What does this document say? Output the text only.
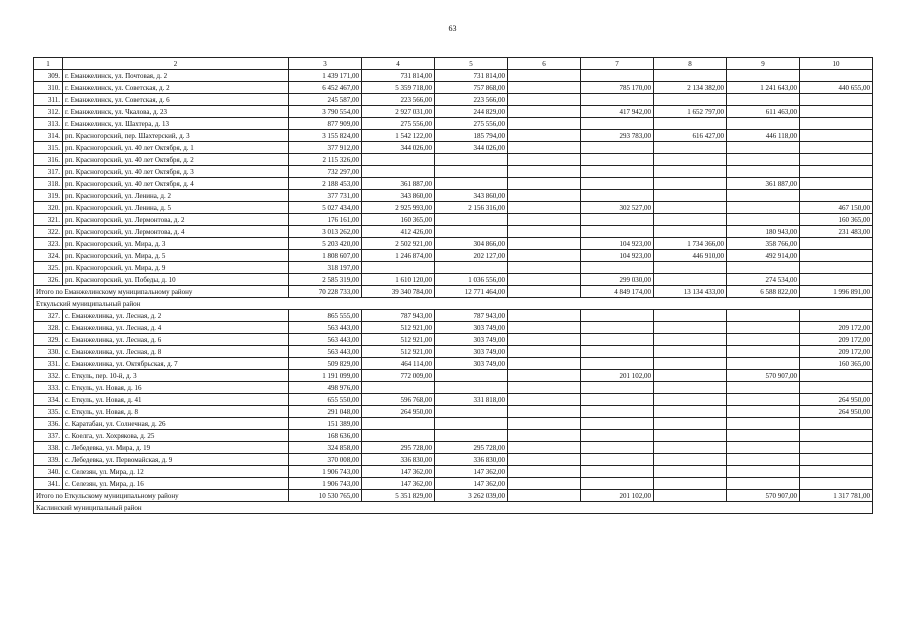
63
1	2	3	4	5	6	7	8	9	10
309.	г. Еманжелинск, ул. Почтовая, д. 2	1 439 171,00	731 814,00	731 814,00					
310.	г. Еманжелинск, ул. Советская, д. 2	6 452 467,00	5 359 718,00	757 868,00		785 170,00	2 134 382,00	1 241 643,00	440 655,00
311.	г. Еманжелинск, ул. Советская, д. 6	245 587,00	223 566,00	223 566,00					
312.	г. Еманжелинск, ул. Чкалова, д. 23	3 790 554,00	2 927 031,00	244 829,00		417 942,00	1 652 797,00	611 463,00	
313.	г. Еманжелинск, ул. Шахтера, д. 13	877 909,00	275 556,00	275 556,00					
314.	рп. Красногорский, пер. Шахтерский, д. 3	3 155 824,00	1 542 122,00	185 794,00		293 783,00	616 427,00	446 118,00	
315.	рп. Красногорский, ул. 40 лет Октября, д. 1	377 912,00	344 026,00	344 026,00					
316.	рп. Красногорский, ул. 40 лет Октября, д. 2	2 115 326,00							
317.	рп. Красногорский, ул. 40 лет Октября, д. 3	732 297,00							
318.	рп. Красногорский, ул. 40 лет Октября, д. 4	2 188 453,00	361 887,00					361 887,00	
319.	рп. Красногорский, ул. Ленина, д. 2	377 731,00	343 860,00	343 860,00					
320.	рп. Красногорский, ул. Ленина, д. 5	5 027 434,00	2 925 993,00	2 156 316,00		302 527,00			467 150,00
321.	рп. Красногорский, ул. Лермонтова, д. 2	176 161,00	160 365,00						160 365,00
322.	рп. Красногорский, ул. Лермонтова, д. 4	3 013 262,00	412 426,00					180 943,00	231 483,00
323.	рп. Красногорский, ул. Мира, д. 3	5 203 420,00	2 502 921,00	304 866,00		104 923,00	1 734 366,00	358 766,00	
324.	рп. Красногорский, ул. Мира, д. 5	1 808 607,00	1 246 874,00	202 127,00		104 923,00	446 910,00	492 914,00	
325.	рп. Красногорский, ул. Мира, д. 9	318 197,00							
326.	рп. Красногорский, ул. Победы, д. 10	2 585 319,00	1 610 120,00	1 036 556,00		299 030,00		274 534,00	
Итого по Еманжелинскому муниципальному району		70 228 733,00	39 340 784,00	12 771 464,00		4 849 174,00	13 134 433,00	6 588 822,00	1 996 891,00
Еткульский муниципальный район									
327.	с. Еманжелинка, ул. Лесная, д. 2	865 555,00	787 943,00	787 943,00					
328.	с. Еманжелинка, ул. Лесная, д. 4	563 443,00	512 921,00	303 749,00					209 172,00
329.	с. Еманжелинка, ул. Лесная, д. 6	563 443,00	512 921,00	303 749,00					209 172,00
330.	с. Еманжелинка, ул. Лесная, д. 8	563 443,00	512 921,00	303 749,00					209 172,00
331.	с. Еманжелинка, ул. Октябрьская, д. 7	509 829,00	464 114,00	303 749,00					160 365,00
332.	с. Еткуль, пер. 10-й, д. 3	1 191 099,00	772 009,00			201 102,00		570 907,00	
333.	с. Еткуль, ул. Новая, д. 16	498 976,00							
334.	с. Еткуль, ул. Новая, д. 41	655 550,00	596 768,00	331 818,00					264 950,00
335.	с. Еткуль, ул. Новая, д. 8	291 048,00	264 950,00						264 950,00
336.	с. Каратабан, ул. Солнечная, д. 26	151 389,00							
337.	с. Коелга, ул. Хохрякова, д. 25	168 636,00							
338.	с. Лебедевка, ул. Мира, д. 19	324 858,00	295 728,00	295 728,00					
339.	с. Лебедевка, ул. Первомайская, д. 9	370 008,00	336 830,00	336 830,00					
340.	с. Селезян, ул. Мира, д. 12	1 906 743,00	147 362,00	147 362,00					
341.	с. Селезян, ул. Мира, д. 16	1 906 743,00	147 362,00	147 362,00					
Итого по Еткульскому муниципальному району		10 530 765,00	5 351 829,00	3 262 039,00		201 102,00		570 907,00	1 317 781,00
Каслинский муниципальный район									
